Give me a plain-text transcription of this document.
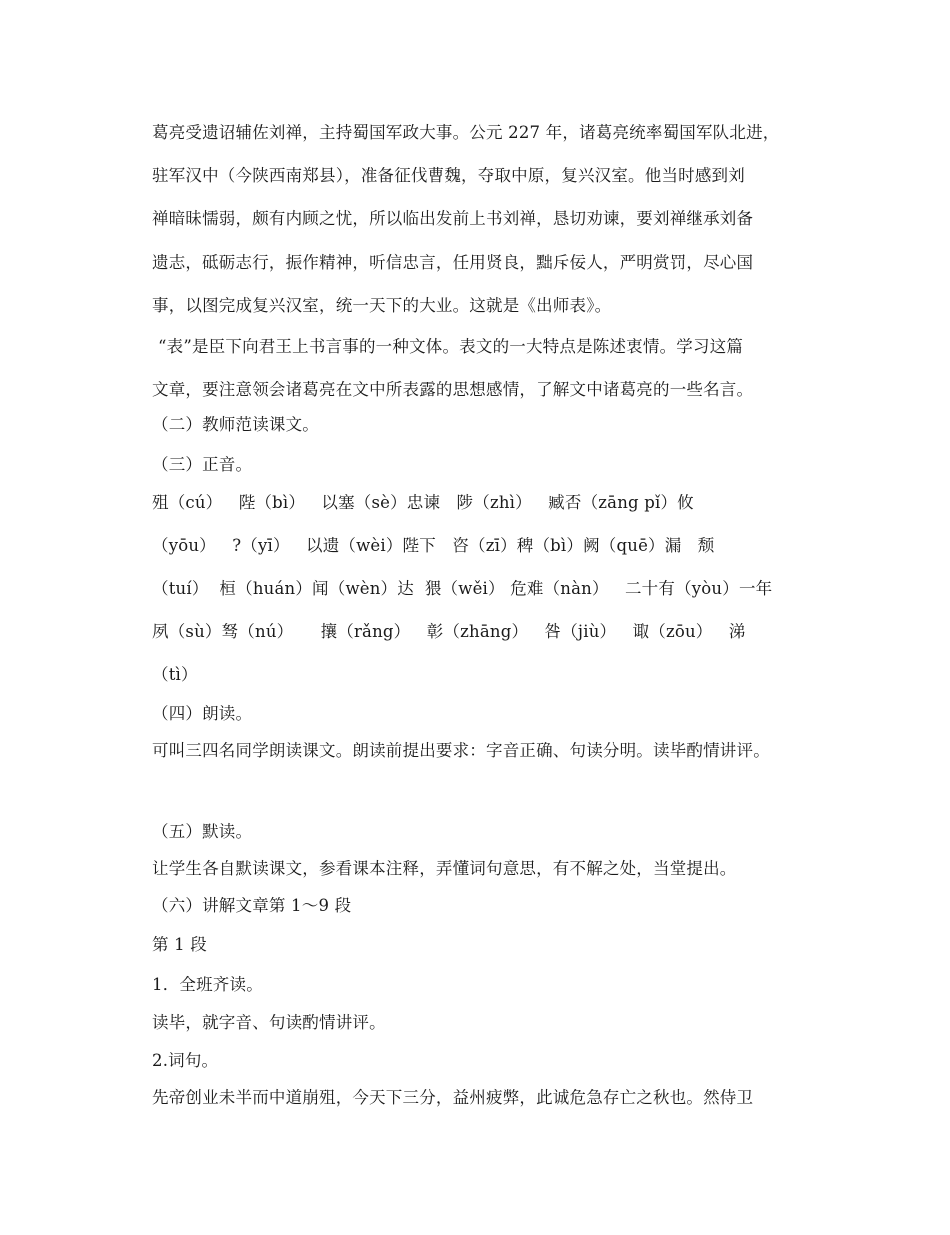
葛亮受遗诏辅佐刘禅，主持蜀国军政大事。公元 227 年，诸葛亮统率蜀国军队北进，
驻军汉中（今陕西南郑县），准备征伐曹魏，夺取中原，复兴汉室。他当时感到刘
禅暗昧懦弱，颇有内顾之忧，所以临出发前上书刘禅，恳切劝谏，要刘禅继承刘备
遗志，砥砺志行，振作精神，听信忠言，任用贤良，黜斥佞人，严明赏罚，尽心国
事，以图完成复兴汉室，统一天下的大业。这就是《出师表》。
“表”是臣下向君王上书言事的一种文体。表文的一大特点是陈述衷情。学习这篇
文章，要注意领会诸葛亮在文中所表露的思想感情，了解文中诸葛亮的一些名言。
（二）教师范读课文。
（三）正音。
殂（cú）   陛（bì）   以塞（sè）忠谏   陟（zhì）   臧否（zāng pǐ）攸
（yōu）   ?（yī）   以遗（wèi）陛下   咨（zī）稗（bì）阙（quē）漏   颓
（tuí）  桓（huán）闻（wèn）达  猥（wěi） 危难（nàn）   二十有（yòu）一年
夙（sù）驽（nú）     攘（rǎng）   彰（zhāng）   咎（jiù）   诹（zōu）   涕
（tì）
（四）朗读。
可叫三四名同学朗读课文。朗读前提出要求：字音正确、句读分明。读毕酌情讲评。
（五）默读。
让学生各自默读课文，参看课本注释，弄懂词句意思，有不解之处，当堂提出。
（六）讲解文章第 1～9 段
第 1 段
1．全班齐读。
读毕，就字音、句读酌情讲评。
2.词句。
先帝创业未半而中道崩殂，今天下三分，益州疲弊，此诚危急存亡之秋也。然侍卫
